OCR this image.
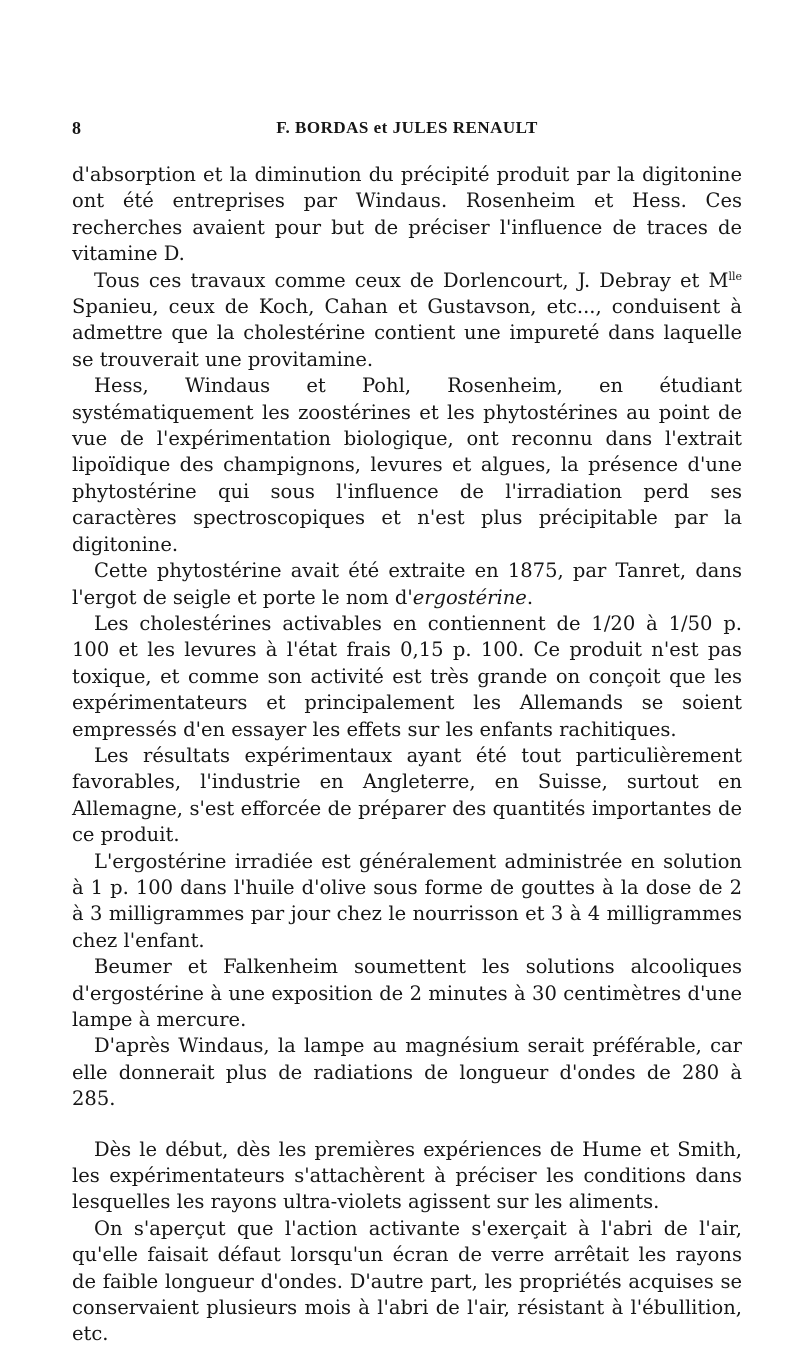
8	F. BORDAS et JULES RENAULT

d'absorption et la diminution du précipité produit par la digitonine ont été entreprises par Windaus. Rosenheim et Hess. Ces recherches avaient pour but de préciser l'influence de traces de vitamine D.

Tous ces travaux comme ceux de Dorlencourt, J. Debray et $M^{lle}$ Spanieu, ceux de Koch, Cahan et Gustavson, etc..., conduisent à admettre que la cholestérine contient une impureté dans laquelle se trouverait une provitamine.

Hess, Windaus et Pohl, Rosenheim, en étudiant systématiquement les zoostérines et les phytostérines au point de vue de l'expérimentation biologique, ont reconnu dans l'extrait lipoïdique des champignons, levures et algues, la présence d'une phytostérine qui sous l'influence de l'irradiation perd ses caractères spectroscopiques et n'est plus précipitable par la digitonine.

Cette phytostérine avait été extraite en 1875, par Tanret, dans l'ergot de seigle et porte le nom d'ergostérine.

Les cholestérines activables en contiennent de 1/20 à 1/50 p. 100 et les levures à l'état frais 0,15 p. 100. Ce produit n'est pas toxique, et comme son activité est très grande on conçoit que les expérimentateurs et principalement les Allemands se soient empressés d'en essayer les effets sur les enfants rachitiques.

Les résultats expérimentaux ayant été tout particulièrement favorables, l'industrie en Angleterre, en Suisse, surtout en Allemagne, s'est efforcée de préparer des quantités importantes de ce produit.

L'ergostérine irradiée est généralement administrée en solution à 1 p. 100 dans l'huile d'olive sous forme de gouttes à la dose de 2 à 3 milligrammes par jour chez le nourrisson et 3 à 4 milligrammes chez l'enfant.

Beumer et Falkenheim soumettent les solutions alcooliques d'ergostérine à une exposition de 2 minutes à 30 centimètres d'une lampe à mercure.

D'après Windaus, la lampe au magnésium serait préférable, car elle donnerait plus de radiations de longueur d'ondes de 280 à 285.

Dès le début, dès les premières expériences de Hume et Smith, les expérimentateurs s'attachèrent à préciser les conditions dans lesquelles les rayons ultra-violets agissent sur les aliments.

On s'aperçut que l'action activante s'exerçait à l'abri de l'air, qu'elle faisait défaut lorsqu'un écran de verre arrêtait les rayons de faible longueur d'ondes. D'autre part, les propriétés acquises se conservaient plusieurs mois à l'abri de l'air, résistant à l'ébullition, etc.
